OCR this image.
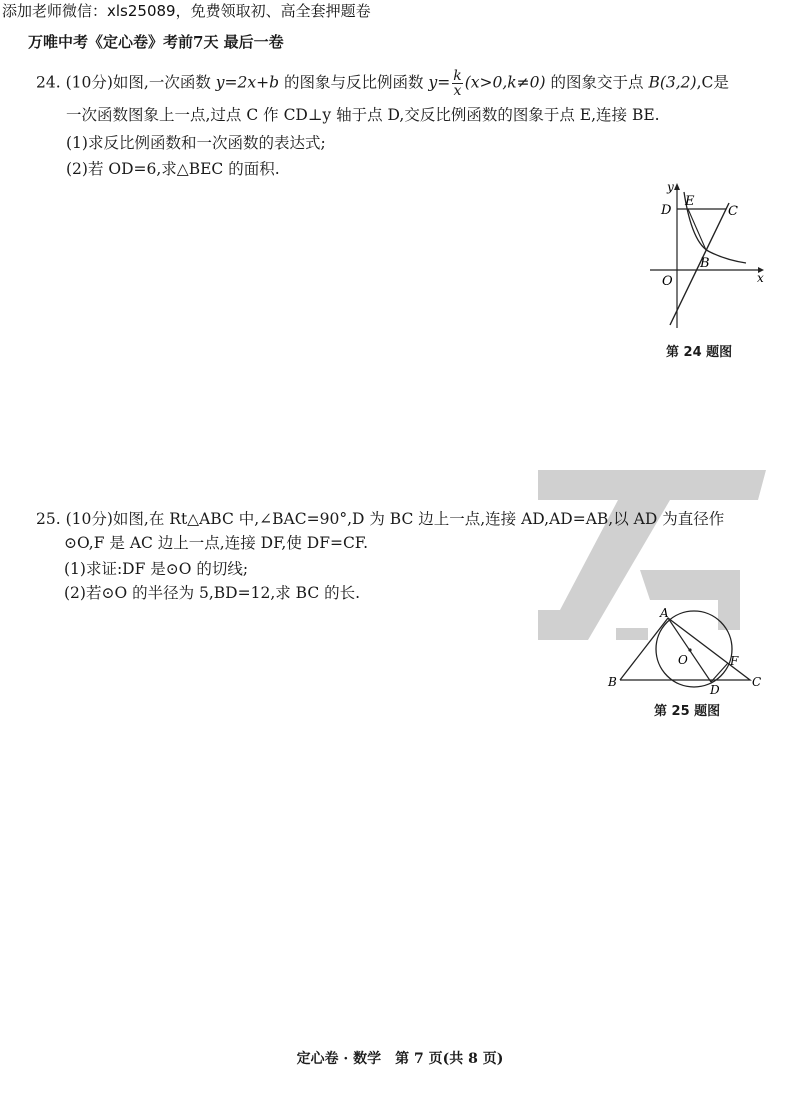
添加老师微信：xls25089，免费领取初、高全套押题卷
万唯中考《定心卷》考前7天 最后一卷
24. (10分)如图,一次函数 y=2x+b 的图象与反比例函数 $y= \frac{k}{x} (x>0,k\ne 0)$ 的图象交于点 B(3,2),C是
一次函数图象上一点,过点 C 作 CD⊥y 轴于点 D,交反比例函数的图象于点 E,连接 BE.
(1)求反比例函数和一次函数的表达式;
(2)若 OD=6,求△BEC 的面积.
y
x
D
E
C
B
O
第 24 题图
25. (10分)如图,在 Rt△ABC 中,∠BAC=90°,D 为 BC 边上一点,连接 AD,AD=AB,以 AD 为直径作
⊙O,F 是 AC 边上一点,连接 DF,使 DF=CF.
(1)求证:DF 是⊙O 的切线;
(2)若⊙O 的半径为 5,BD=12,求 BC 的长.
A
O	F
B
D
C
第 25 题图
定心卷 · 数学　第 7 页(共 8 页)
